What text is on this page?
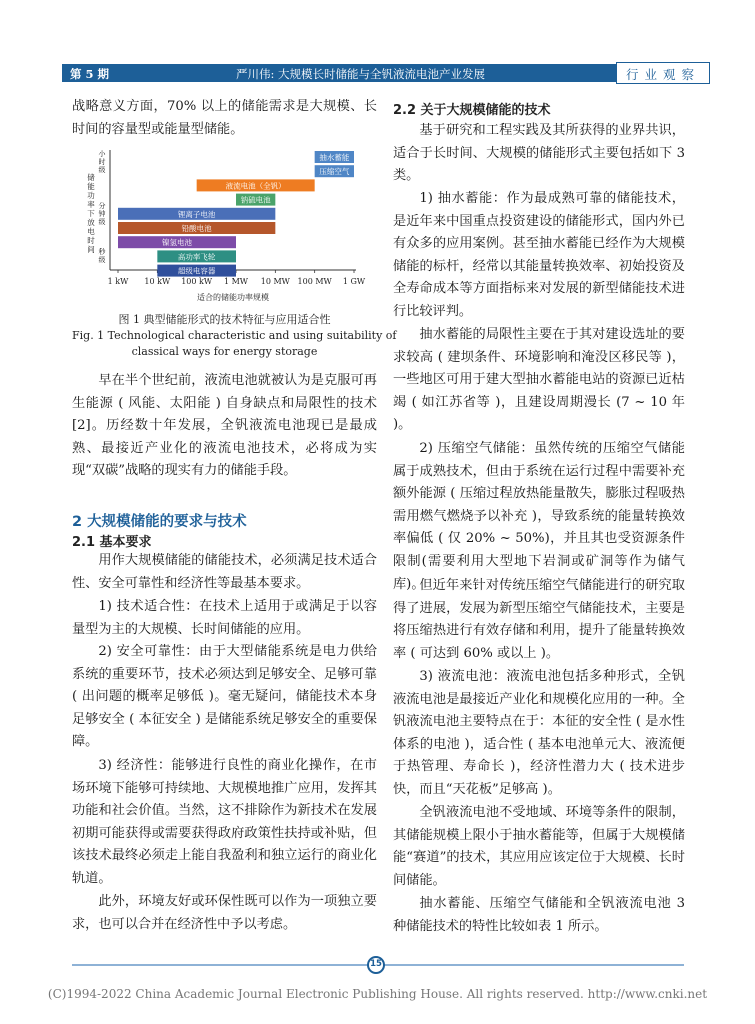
第 5 期	严川伟: 大规模长时储能与全钒液流电池产业发展	行业观察
战略意义方面，70% 以上的储能需求是大规模、长时间的容量型或能量型储能。
1 kW 10 kW 100 kW 1 MW 10 MW 100 MW 1 GW
适合的储能功率规模
储
能
功
率
下
放
电
时
间 秒
级
分
钟
级
小
时
级
抽水蓄能
压缩空气
液流电池（全钒）
钠硫电池
锂离子电池
铅酸电池
镍氢电池
高功率飞轮
超级电容器
图 1 典型储能形式的技术特征与应用适合性
Fig. 1 Technological characteristic and using suitability of
classical ways for energy storage
早在半个世纪前，液流电池就被认为是克服可再生能源 ( 风能、太阳能 ) 自身缺点和局限性的技术 [2]。历经数十年发展，全钒液流电池现已是最成熟、最接近产业化的液流电池技术，必将成为实现“双碳”战略的现实有力的储能手段。
2 大规模储能的要求与技术
2.1 基本要求
用作大规模储能的储能技术，必须满足技术适合性、安全可靠性和经济性等最基本要求。
1) 技术适合性：在技术上适用于或满足于以容量型为主的大规模、长时间储能的应用。
2) 安全可靠性：由于大型储能系统是电力供给系统的重要环节，技术必须达到足够安全、足够可靠 ( 出问题的概率足够低 )。毫无疑问，储能技术本身足够安全 ( 本征安全 ) 是储能系统足够安全的重要保障。
3) 经济性：能够进行良性的商业化操作，在市场环境下能够可持续地、大规模地推广应用，发挥其功能和社会价值。当然，这不排除作为新技术在发展初期可能获得或需要获得政府政策性扶持或补贴，但该技术最终必须走上能自我盈利和独立运行的商业化轨道。
此外，环境友好或环保性既可以作为一项独立要求，也可以合并在经济性中予以考虑。
2.2 关于大规模储能的技术
基于研究和工程实践及其所获得的业界共识，适合于长时间、大规模的储能形式主要包括如下 3 类。
1) 抽水蓄能：作为最成熟可靠的储能技术，是近年来中国重点投资建设的储能形式，国内外已有众多的应用案例。甚至抽水蓄能已经作为大规模储能的标杆，经常以其能量转换效率、初始投资及全寿命成本等方面指标来对发展的新型储能技术进行比较评判。
抽水蓄能的局限性主要在于其对建设选址的要求较高 ( 建坝条件、环境影响和淹没区移民等 )，一些地区可用于建大型抽水蓄能电站的资源已近枯竭 ( 如江苏省等 )，且建设周期漫长 (7 ~ 10 年 )。
2) 压缩空气储能：虽然传统的压缩空气储能属于成熟技术，但由于系统在运行过程中需要补充额外能源 ( 压缩过程放热能量散失，膨胀过程吸热需用燃气燃烧予以补充 )，导致系统的能量转换效率偏低 ( 仅 20% ~ 50%)，并且其也受资源条件限制(需要利用大型地下岩洞或矿洞等作为储气库)。
但近年来针对传统压缩空气储能进行的研究取得了进展，发展为新型压缩空气储能技术，主要是将压缩热进行有效存储和利用，提升了能量转换效率 ( 可达到 60% 或以上 )。
3) 液流电池：液流电池包括多种形式，全钒液流电池是最接近产业化和规模化应用的一种。全钒液流电池主要特点在于：本征的安全性 ( 是水性体系的电池 )，适合性 ( 基本电池单元大、液流便于热管理、寿命长 )，经济性潜力大 ( 技术进步快，而且“天花板”足够高 )。
全钒液流电池不受地域、环境等条件的限制，其储能规模上限小于抽水蓄能等，但属于大规模储能“赛道”的技术，其应用应该定位于大规模、长时间储能。
抽水蓄能、压缩空气储能和全钒液流电池 3 种储能技术的特性比较如表 1 所示。
15
(C)1994-2022 China Academic Journal Electronic Publishing House. All rights reserved. http://www.cnki.net
